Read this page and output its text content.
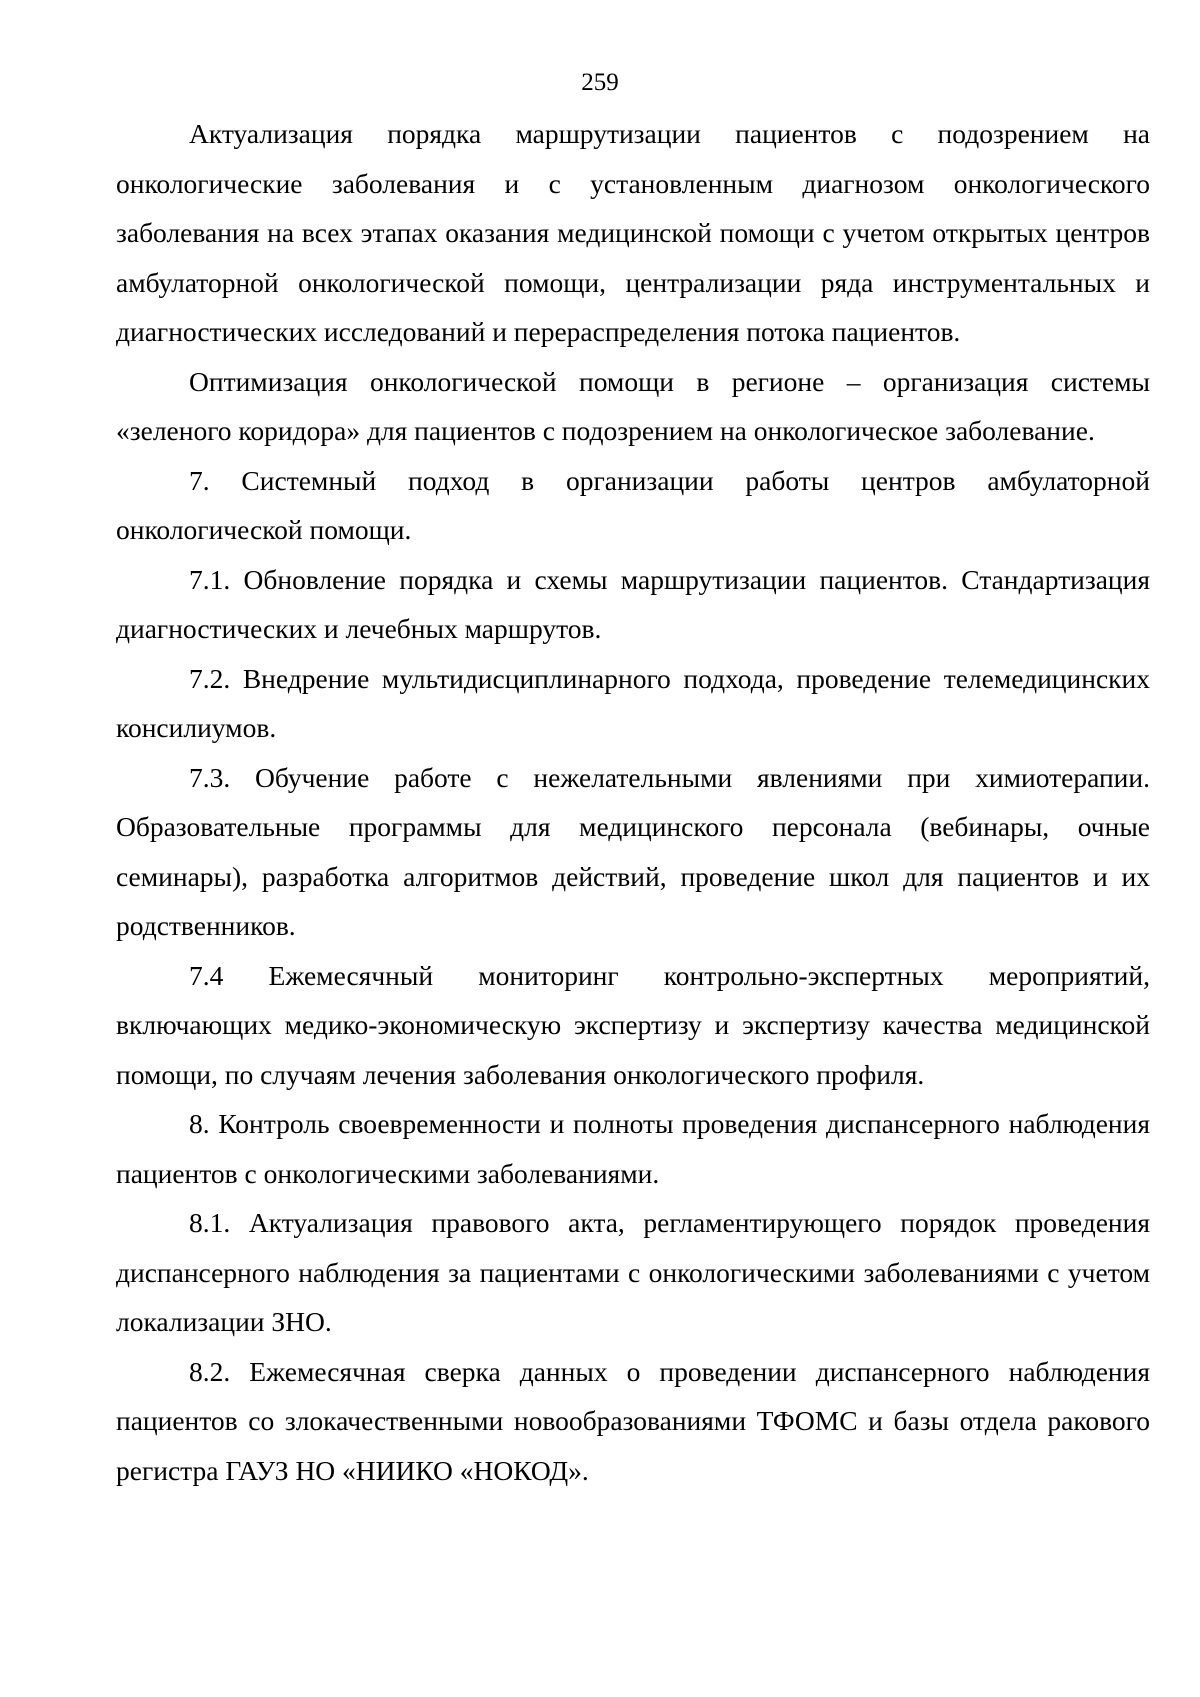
259

Актуализация порядка маршрутизации пациентов с подозрением на онкологические заболевания и с установленным диагнозом онкологического заболевания на всех этапах оказания медицинской помощи с учетом открытых центров амбулаторной онкологической помощи, централизации ряда инструментальных и диагностических исследований и перераспределения потока пациентов.

Оптимизация онкологической помощи в регионе – организация системы «зеленого коридора» для пациентов с подозрением на онкологическое заболевание.

7. Системный подход в организации работы центров амбулаторной онкологической помощи.

7.1. Обновление порядка и схемы маршрутизации пациентов. Стандартизация диагностических и лечебных маршрутов.

7.2. Внедрение мультидисциплинарного подхода, проведение телемедицинских консилиумов.

7.3. Обучение работе с нежелательными явлениями при химиотерапии. Образовательные программы для медицинского персонала (вебинары, очные семинары), разработка алгоритмов действий, проведение школ для пациентов и их родственников.

7.4 Ежемесячный мониторинг контрольно-экспертных мероприятий, включающих медико-экономическую экспертизу и экспертизу качества медицинской помощи, по случаям лечения заболевания онкологического профиля.

8. Контроль своевременности и полноты проведения диспансерного наблюдения пациентов с онкологическими заболеваниями.

8.1. Актуализация правового акта, регламентирующего порядок проведения диспансерного наблюдения за пациентами с онкологическими заболеваниями с учетом локализации ЗНО.

8.2. Ежемесячная сверка данных о проведении диспансерного наблюдения пациентов со злокачественными новообразованиями ТФОМС и базы отдела ракового регистра ГАУЗ НО «НИИКО «НОКОД».
